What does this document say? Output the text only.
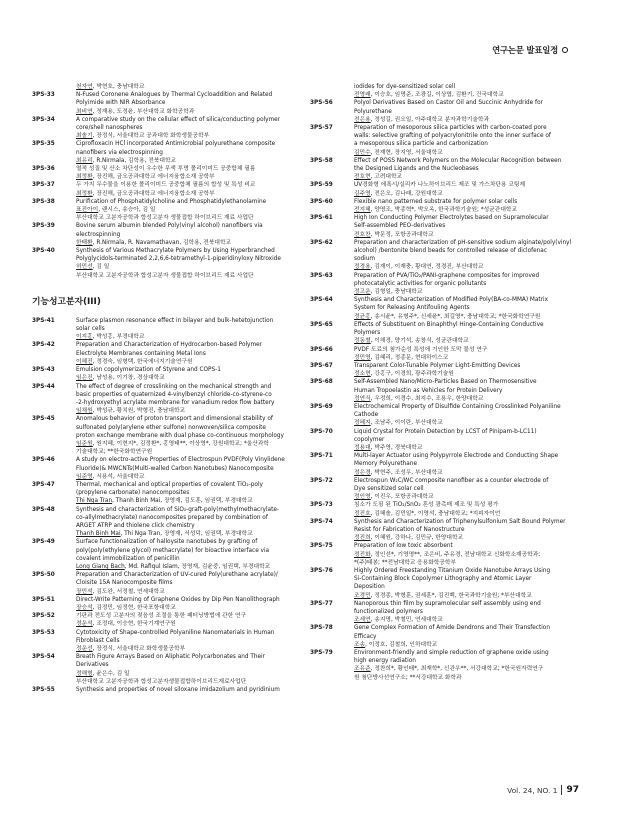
연구논문 발표일정
천자연, 박현호, 충남대학교
3PS-33	N-Fused Coronene Analogues by Thermal Cycloaddition and Related
Polyimide with NIR Absorbance
최비연, 정재용, 도정윤, 부산대학교 화학공학과
3PS-34	A comparative study on the cellular effect of silica/conducting polymer
core/shell nanospheres
최솔기, 장정식, 서울대학교 공과대학 화학생물공학부
3PS-35	Ciprofloxacin HCl incorporated Antimicrobial polyurethane composite
nanofibers via electrospinning
최유리, R.Nirmala, 김학용, 전북대학교
3PS-36	열적 성질 및 산소 차단성이 우수한 무색 투명 폴리이미드 공중합체 필름
최정환, 장진해, 금오공과대학교 에너지융합소재 공학부
3PS-37	두 가지 무수물을 이용한 폴리이미드 공중합체 필름의 합성 및 특성 비교
최정환, 장진해, 금오공과대학교 에너지융합소재 공학부
3PS-38	Purification of Phosphatidylcholine and Phosphatidylethanolamine
표진아이, 랜시스, 송승아, 김 일
부산대학교 고분자공학과 합성고분자 생물접합 하이브리드 재료 사업단
3PS-39	Bovine serum albumin blended Poly(vinyl alcohol) nanofibers via
electrospinning
한태환, R.Nirmala, R. Navamathavan, 김학용, 전북대학교
3PS-40	Synthesis of Various Methacrylate Polymers by Using Hyperbranched
Polyglycidols-terminated 2,2,6,6-tetramethyl-1-piperidinyloxy Nitroxide
허민선, 김 일
부산대학교 고분자공학과 합성고분자 생물접합 하이브리드 재료 사업단
기능성고분자(III)
3PS-41	Surface plasmon resonance effect in bilayer and bulk-hetetojunction
solar cells
이지홍, 박성홍, 부경대학교
3PS-42	Preparation and Characterization of Hydrocarbon-based Polymer
Electrolyte Membranes containing Metal Ions
이혜진, 정경숙, 임형택, 한국에너지기술연구원
3PS-43	Emulsion copolymerization of Styrene and COPS-1
임은진, 남성용, 이기창, 경상대학교
3PS-44	The effect of degree of crosslinking on the mechanical strength and
basic properties of quaternized 4-vinylbenzyl chloride-co-styrene-co
-2-hydroxyethyl acrylate membrane for vanadium redox flow battery
임채원, 박성규, 황치원, 박형진, 충남대학교
3PS-45	Anomalous behavior of proton transport and dimensional stability of
sulfonated poly(arylene ether sulfone) nonwoven/silica composite
proton exchange membrane with dual phase co-continuous morphology
임준원, 원지혜, 이현지*, 김정환*, 홍영태**, 이상영*, 강원대학교; *울산과학
기술대학교; **한국화학연구원
3PS-46	A study on electro-active Properties of Electrospun PVDF(Poly Vinylidene
Fluoride)& MWCNTs(Multi-walled Carbon Nanotubes) Nanocomposite
임준영, 서용석, 서울대학교
3PS-47	Thermal, mechanical and optical properties of covalent TiO₂-poly
(propylene carbonate) nanocomposites
Thi Nga Tran, Thanh Binh Mai, 장영재, 김도훈, 임권택, 부경대학교
3PS-48	Synthesis and characterization of SiO₂-graft-poly(methylmethacrylate-
co-allylmethacrylate) nanocomposites prepared by combination of
ARGET ATRP and thiolene click chemistry
Thanh Binh Mai, Thi Nga Tran, 장영재, 서성덕, 임권택, 부경대학교
3PS-49	Surface functionalization of halloysite nanotubes by grafting of
poly(poly(ethylene glycol) methacrylate) for bioactive interface via
covalent immobilization of penicillin
Long Giang Bach, Md. Rafiqul Islam, 장영재, 김윤중, 임권택, 부경대학교
3PS-50	Preparation and Characterization of UV-cured Poly(urethane acrylate)/
Cloisite 15A Nanocomposite films
장민석, 김도완, 서정철, 연세대학교
3PS-51	Direct-Write Patterning of Graphene Oxides by Dip Pen Nanolithograph
장승석, 김정민, 임정현, 한국포항대학교
3PS-52	기판과 전도성 고분자의 젖음성 조절을 통한 패터닝방법에 관한 연구
정운석, 조정대, 이승현, 한국기계연구원
3PS-53	Cytotoxicity of Shape-controlled Polyaniline Nanomaterials in Human
Fibroblast Cells
정운선, 장정식, 서울대학교 화학생물공학부
3PS-54	Breath Figure Arrays Based on Aliphatic Polycarbonates and Their
Derivatives
정해형, 윤은수, 김 일
부산대학교 고분자공학과 합성고분자생물접합하이브리드재료사업단
3PS-55	Synthesis and properties of novel siloxane imidazolium and pyridinium
iodides for dye-sensitized solar cell
전영래, 이승호, 임명준, 조광길, 이상엽, 김환기, 건국대학교
3PS-56	Polyol Derivatives Based on Castor Oil and Succinic Anhydride for
Polyurethane
전은용, 정성길, 권오일, 아주대학교 분자과학기술학과
3PS-57	Preparation of mesoporous silica particles with carbon-coated pore
walls: selective grafting of polyacrylonitrile onto the inner surface of
a mesoporous silica particle and carbonization
김민수, 전재현, 장지영, 서울대학교
3PS-58	Effect of POSS Network Polymers on the Molecular Recognition between
the Designed Ligands and the Nucleobases
전호현, 고려대학교
3PS-59	UV경화형 에폭시/실리카 나노하이브리드 제조 및 가스차단용 코팅제
김주영, 전은오, 김나래, 강원대학교
3PS-60	Flexible nano patterned substrate for polymer solar cells
전지혜, 양명조, 박종혁*, 박오옥, 한국과학기술원; *성균관대학교
3PS-61	High Ion Conducting Polymer Electrolytes based on Supramolecular
Self-assembled PEO-derivatives
전호찬, 박문정, 포항공과대학교
3PS-62	Preparation and characterization of pH-sensitive sodium alginate/poly(vinyl
alcohol) /bentonite blend beads for controlled release of diclofenac
sodium
정경용, 김재이, 이재충, 황대연, 정경진, 부산대학교
3PS-63	Preparation of PVA/TiO₂/PANI-graphene composites for improved
photocatalytic activities for organic pollutants
정고운, 김형일, 충남대학교
3PS-64	Synthesis and Characterization of Modified Poly(BA-co-MMA) Matrix
System for Releasing Antifouling Agents
정균홍, 송시윤*, 유형주*, 신세윤*, 최길영*, 충남대학교; *한국화학연구원
3PS-65	Effects of Substituent on Binaphthyl Hinge-Containing Conductive
Polymers
정동철, 이해경, 양기석, 송창식, 성균관대학교
3PS-66	PVDF 도료의 첨가순성 특성에 기인한 도막 물성 연구
정민영, 김혜리, 정종문, 현대하이스코
3PS-67	Transparent Color-Tunable Polymer Light-Emitting Devices
정소현, 강홍구, 이경희, 광주과학기술원
3PS-68	Self-Assembled Nano/Micro-Particles Based on Thermosensitive
Human Tropoelastin as Vehicles for Protein Delivery
정연식, 우정희, 이경수, 최지수, 조용우, 한양대학교
3PS-69	Electrochemical Property of Disulfide Containing Crosslinked Polyaniline
Cathode
정혜지, 조남주, 이이란, 부산대학교
3PS-70	Liquid Crystal for Protein Detection by LCST of Pinipam-b-LC11)
copolymer
정용대, 박주영, 경북대학교
3PS-71	Multi-layer Actuator using Polypyrrole Electrode and Conducting Shape
Memory Polyurethane
정은경, 박현주, 조성우, 부산대학교
3PS-72	Electrospun W₂C/WC composite nanofiber as a counter electrode of
Dye sensitized solar cell
정인영, 이진우, 포항공과대학교
3PS-73	침소가 도핑 된 TiO₂/SnO₂ 혼성 광촉매 제조 및 특성 평가
정진호, 김혜솔, 김민일*, 이영석, 충남대학교; *지피자이언
3PS-74	Synthesis and Characterization of Triphenylsulfonium Salt Bound Polymer
Resist for Fabrication of Nanostructure
정진희, 이혜원, 강하나, 김민규, 한양대학교
3PS-75	Preparation of low toxic absorbent
정진화, 정인선*, 기영명**, 조은비, 주유경, 전남대학교 신화학소재공학과;
*(주)태봉; **전남대학교 응용화학공학부
3PS-76	Highly Ordered Freestanding Titanium Oxide Nanotube Arrays Using
Si-Containing Block Copolymer Lithography and Atomic Layer
Deposition
조경민, 정경종, 박형훈, 권세훈*, 김진백, 한국과학기술원; *부산대학교
3PS-77	Nanoporous thin film by supramolecular self assembly using end
functionalized polymers
조세연, 송지명, 박철민, 연세대학교
3PS-78	Gene Complex Formation of Amide Dendrons and Their Transfection
Efficacy
조송, 이정호, 김철희, 인하대학교
3PS-79	Environment-friendly and simple reduction of graphene oxide using
high energy radiation
조유준, 정찬희*, 황인태*, 최재학*, 신관우**, 서강대학교; *한국원자력연구
원 첨단방사선연구소; **서강대학교 화학과
Vol. 24, NO. 1 97
